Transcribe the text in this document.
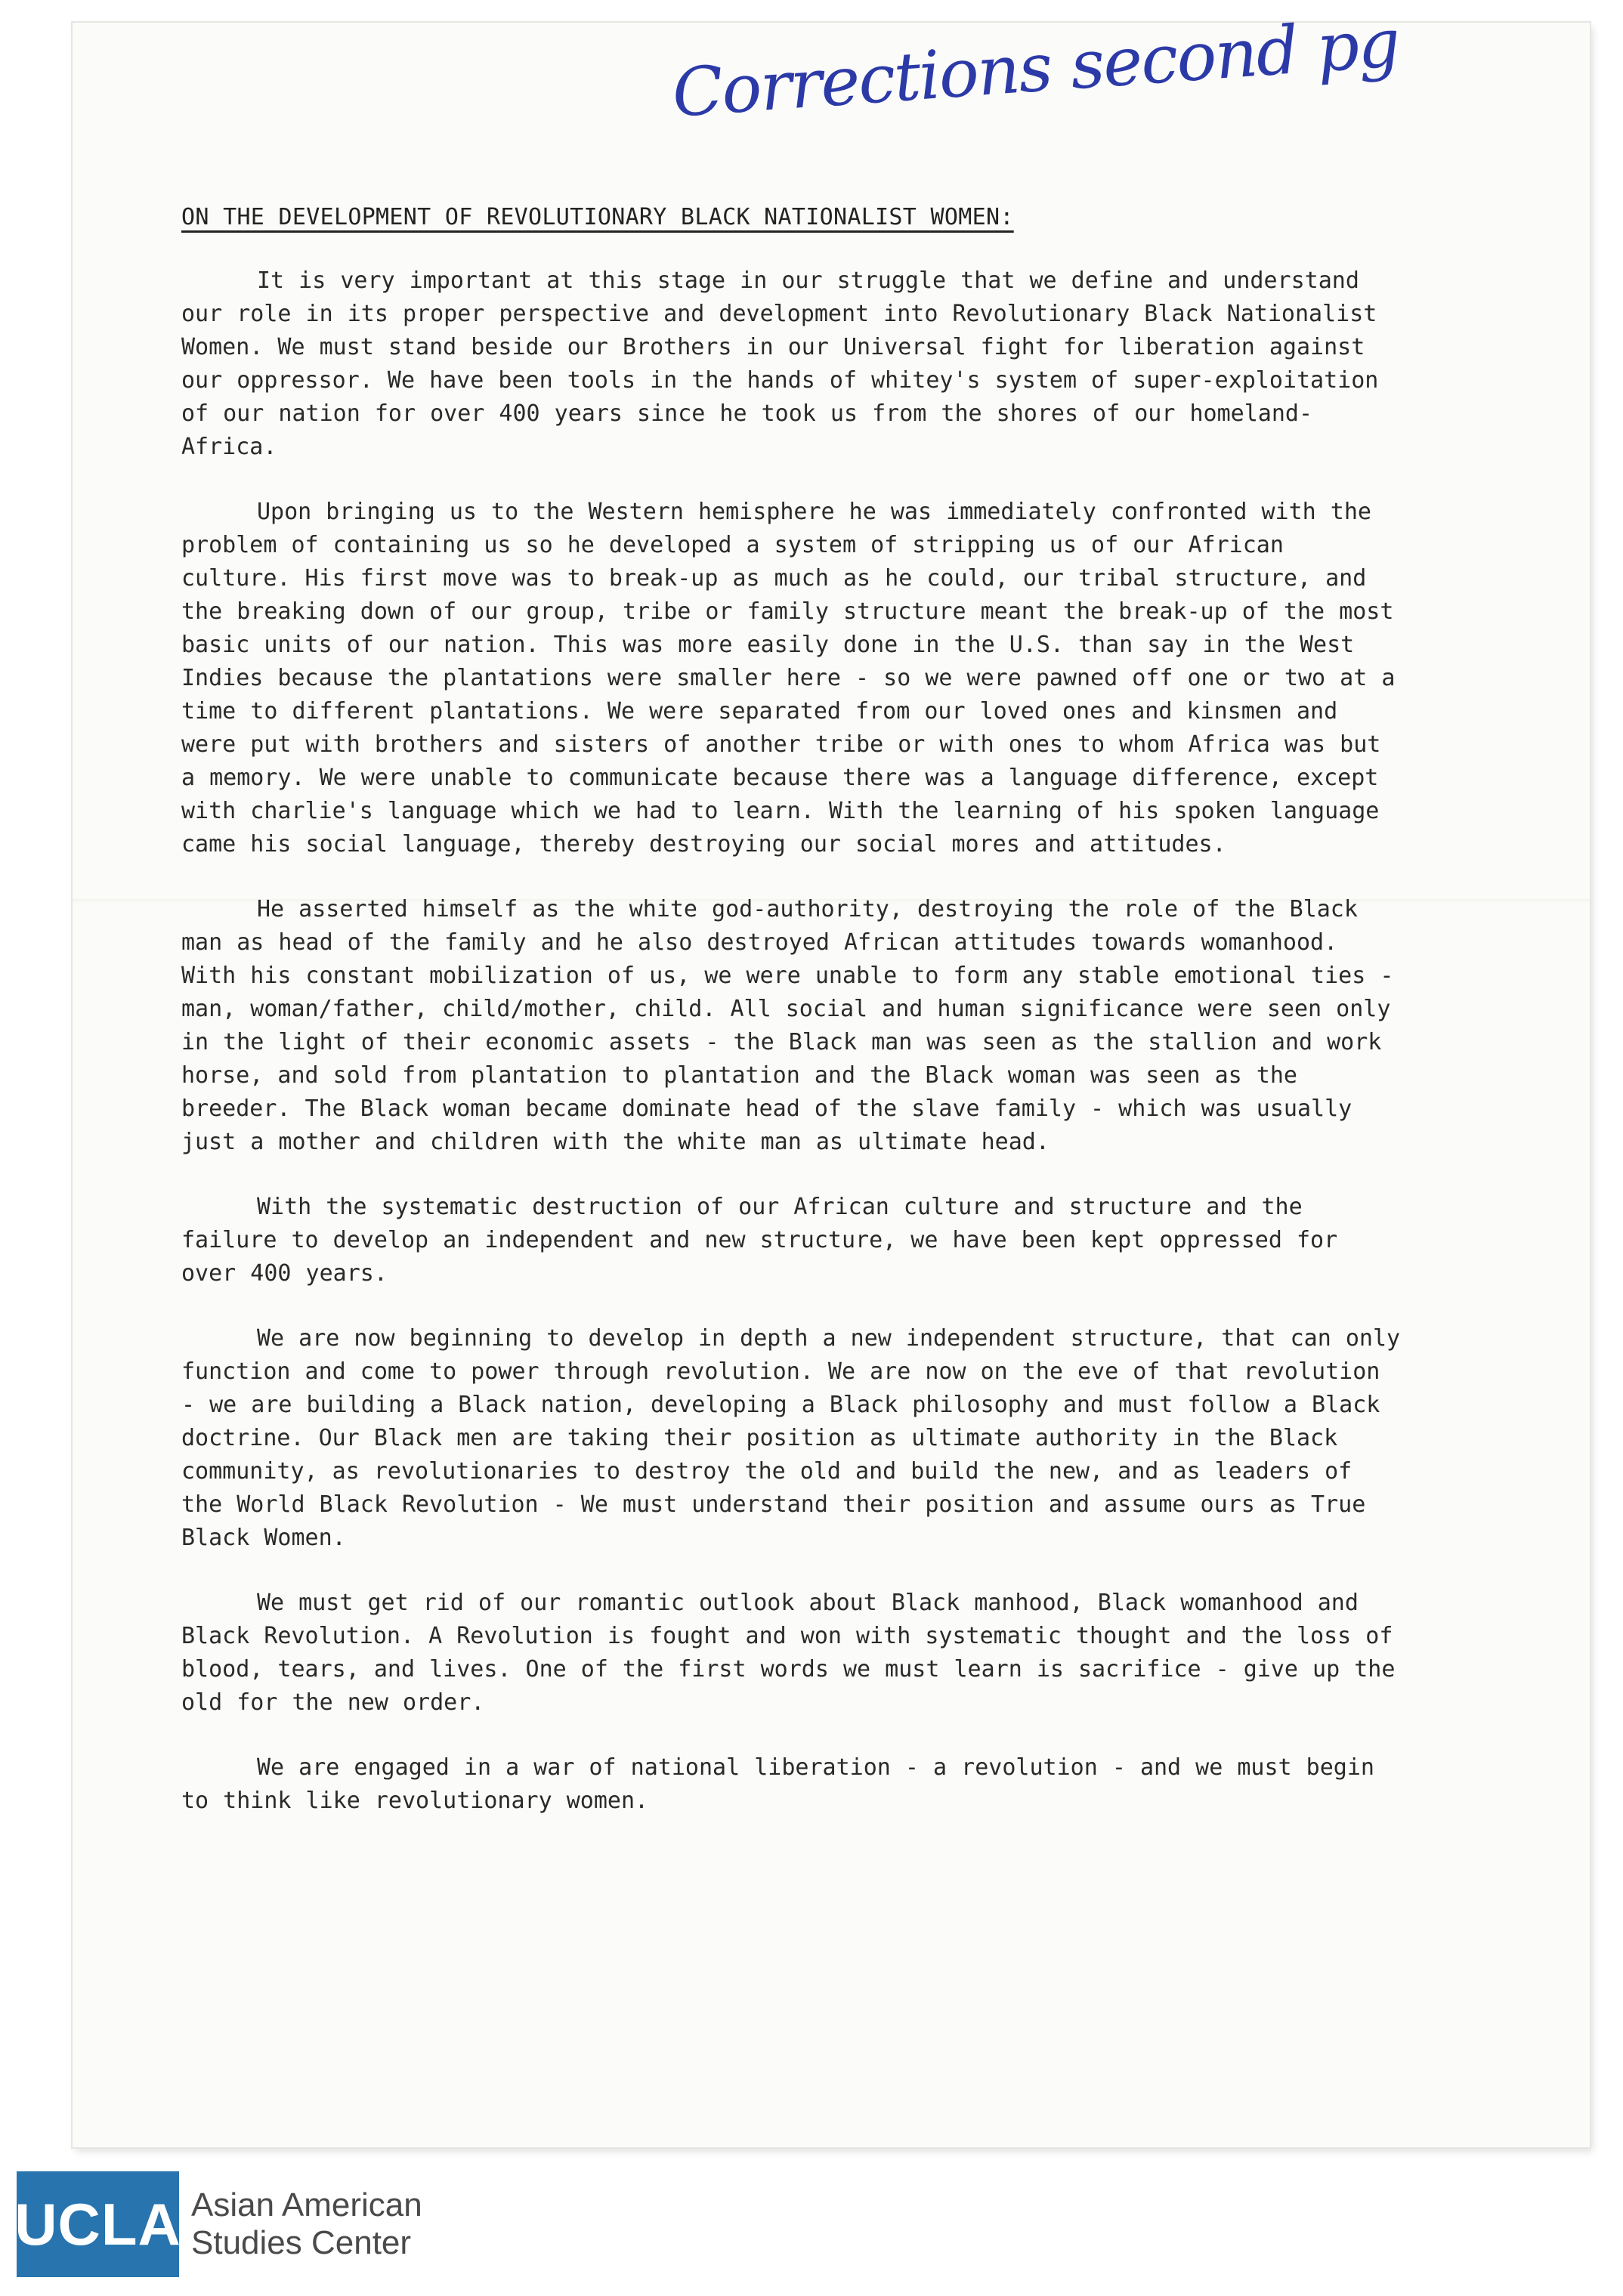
Corrections second pg
ON THE DEVELOPMENT OF REVOLUTIONARY BLACK NATIONALIST WOMEN:

It is very important at this stage in our struggle that we define and understand our role in its proper perspective and development into Revolutionary Black Nationalist Women. We must stand beside our Brothers in our Universal fight for liberation against our oppressor. We have been tools in the hands of whitey's system of super-exploitation of our nation for over 400 years since he took us from the shores of our homeland-Africa.

Upon bringing us to the Western hemisphere he was immediately confronted with the problem of containing us so he developed a system of stripping us of our African culture. His first move was to break-up as much as he could, our tribal structure, and the breaking down of our group, tribe or family structure meant the break-up of the most basic units of our nation. This was more easily done in the U.S. than say in the West Indies because the plantations were smaller here - so we were pawned off one or two at a time to different plantations. We were separated from our loved ones and kinsmen and were put with brothers and sisters of another tribe or with ones to whom Africa was but a memory. We were unable to communicate because there was a language difference, except with charlie's language which we had to learn. With the learning of his spoken language came his social language, thereby destroying our social mores and attitudes.

He asserted himself as the white god-authority, destroying the role of the Black man as head of the family and he also destroyed African attitudes towards womanhood. With his constant mobilization of us, we were unable to form any stable emotional ties - man, woman/father, child/mother, child. All social and human significance were seen only in the light of their economic assets - the Black man was seen as the stallion and work horse, and sold from plantation to plantation and the Black woman was seen as the breeder. The Black woman became dominate head of the slave family - which was usually just a mother and children with the white man as ultimate head.

With the systematic destruction of our African culture and structure and the failure to develop an independent and new structure, we have been kept oppressed for over 400 years.

We are now beginning to develop in depth a new independent structure, that can only function and come to power through revolution. We are now on the eve of that revolution - we are building a Black nation, developing a Black philosophy and must follow a Black doctrine. Our Black men are taking their position as ultimate authority in the Black community, as revolutionaries to destroy the old and build the new, and as leaders of the World Black Revolution - We must understand their position and assume ours as True Black Women.

We must get rid of our romantic outlook about Black manhood, Black womanhood and Black Revolution. A Revolution is fought and won with systematic thought and the loss of blood, tears, and lives. One of the first words we must learn is sacrifice - give up the old for the new order.

We are engaged in a war of national liberation - a revolution - and we must begin to think like revolutionary women.

UCLA Asian American
Studies Center
